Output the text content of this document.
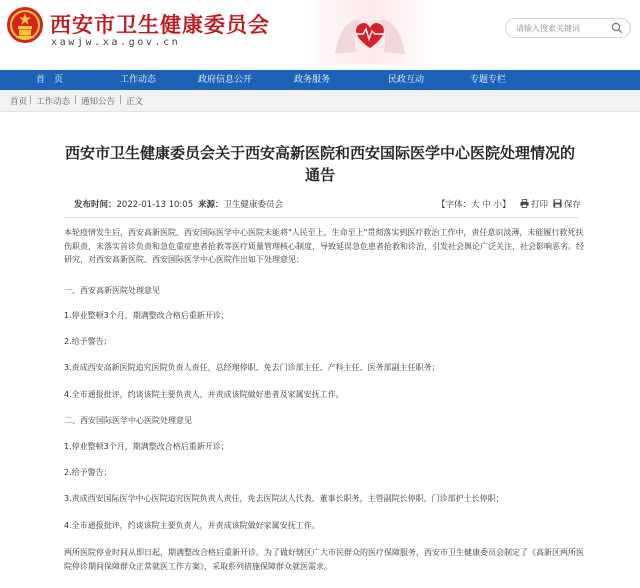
西安市卫生健康委员会
xawjw.xa.gov.cn
请输入搜索关键词
首　页	工作动态	政府信息公开	政务服务	民政互动	专题专栏
首页 | 工作动态 | 通知公告 | 正文
西安市卫生健康委员会关于西安高新医院和西安国际医学中心医院处理情况的
通告
发布时间：2022-01-13 10:05 来源：卫生健康委员会	【字体：大 中 小】	打印	保存
本轮疫情发生后，西安高新医院、西安国际医学中心医院未能将"人民至上，生命至上"贯彻落实到医疗救治工作中，责任意识淡薄，未能履行救死扶伤职责，未落实首诊负责和急危重症患者抢救等医疗质量管理核心制度，导致延误急危患者抢救和诊治，引发社会舆论广泛关注，社会影响恶劣。经研究，对西安高新医院、西安国际医学中心医院作出如下处理意见：
一、西安高新医院处理意见
1.停业整顿3个月，期满整改合格后重新开诊；
2.给予警告；
3.责成西安高新医院追究医院负责人责任，总经理停职、免去门诊部主任、产科主任、医务部副主任职务；
4.全市通报批评，约谈该院主要负责人，并责成该院做好患者及家属安抚工作。
二、西安国际医学中心医院处理意见
1.停业整顿3个月，期满整改合格后重新开诊；
2.给予警告；
3.责成西安国际医学中心医院追究医院负责人责任，免去医院法人代表、董事长职务，主管副院长停职，门诊部护士长停职；
4.全市通报批评，约谈该院主要负责人，并责成该院做好家属安抚工作。
两所医院停业时间从即日起，期满整改合格后重新开诊。为了做好辖区广大市民群众的医疗保障服务，西安市卫生健康委员会制定了《高新区两所医院停诊期间保障群众正常就医工作方案》，采取系列措施保障群众就医需求。
